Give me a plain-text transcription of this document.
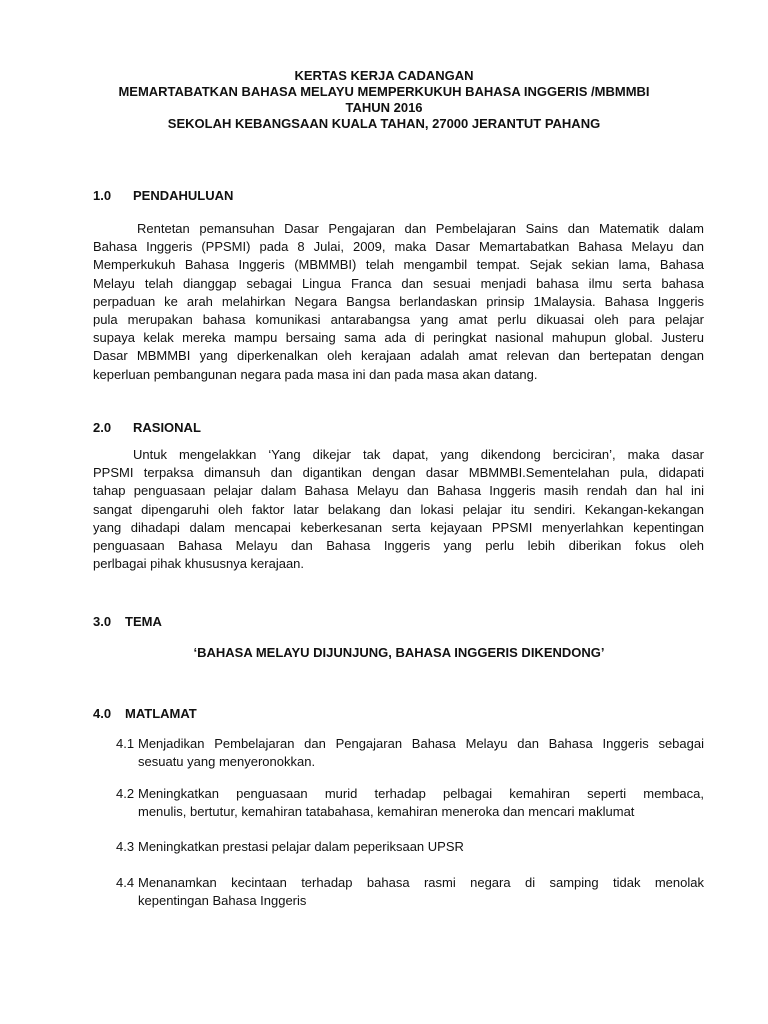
KERTAS KERJA CADANGAN
MEMARTABATKAN BAHASA MELAYU MEMPERKUKUH BAHASA INGGERIS /MBMMBI
TAHUN 2016
SEKOLAH KEBANGSAAN KUALA TAHAN, 27000 JERANTUT PAHANG
1.0 PENDAHULUAN
Rentetan pemansuhan Dasar Pengajaran dan Pembelajaran Sains dan Matematik dalam
Bahasa Inggeris (PPSMI) pada 8 Julai, 2009, maka Dasar Memartabatkan Bahasa Melayu dan
Memperkukuh Bahasa Inggeris (MBMMBI) telah mengambil tempat. Sejak sekian lama, Bahasa
Melayu telah dianggap sebagai Lingua Franca dan sesuai menjadi bahasa ilmu serta bahasa
perpaduan ke arah melahirkan Negara Bangsa berlandaskan prinsip 1Malaysia. Bahasa Inggeris
pula merupakan bahasa komunikasi antarabangsa yang amat perlu dikuasai oleh para pelajar
supaya kelak mereka mampu bersaing sama ada di peringkat nasional mahupun global. Justeru
Dasar MBMMBI yang diperkenalkan oleh kerajaan adalah amat relevan dan bertepatan dengan
keperluan pembangunan negara pada masa ini dan pada masa akan datang.
2.0 RASIONAL
Untuk mengelakkan ‘Yang dikejar tak dapat, yang dikendong berciciran’, maka dasar
PPSMI terpaksa dimansuh dan digantikan dengan dasar MBMMBI.Sementelahan pula, didapati
tahap penguasaan pelajar dalam Bahasa Melayu dan Bahasa Inggeris masih rendah dan hal ini
sangat dipengaruhi oleh faktor latar belakang dan lokasi pelajar itu sendiri. Kekangan-kekangan
yang dihadapi dalam mencapai keberkesanan serta kejayaan PPSMI menyerlahkan kepentingan
penguasaan Bahasa Melayu dan Bahasa Inggeris yang perlu lebih diberikan fokus oleh
perlbagai pihak khususnya kerajaan.
3.0 TEMA
‘BAHASA MELAYU DIJUNJUNG, BAHASA INGGERIS DIKENDONG’
4.0 MATLAMAT
4.1 Menjadikan Pembelajaran dan Pengajaran Bahasa Melayu dan Bahasa Inggeris sebagai
sesuatu yang menyeronokkan.
4.2 Meningkatkan penguasaan murid terhadap pelbagai kemahiran seperti membaca,
menulis, bertutur, kemahiran tatabahasa, kemahiran meneroka dan mencari maklumat
4.3 Meningkatkan prestasi pelajar dalam peperiksaan UPSR
4.4 Menanamkan kecintaan terhadap bahasa rasmi negara di samping tidak menolak
kepentingan Bahasa Inggeris
